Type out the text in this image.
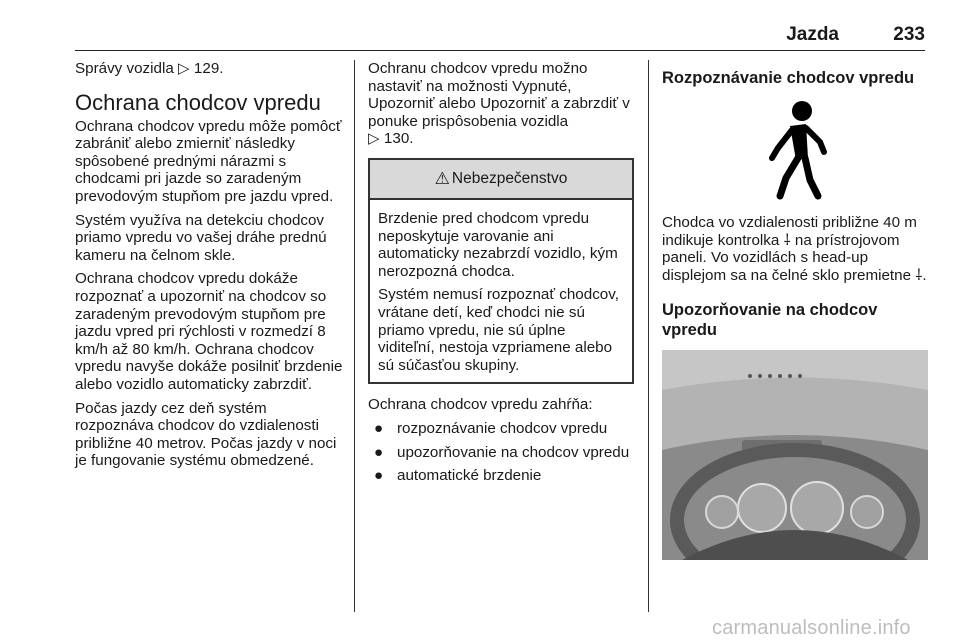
Jazda	233

Správy vozidla ▷ 129.

Ochrana chodcov vpredu

Ochrana chodcov vpredu môže pomôcť zabrániť alebo zmierniť následky spôsobené prednými nárazmi s chodcami pri jazde so zaradeným prevodovým stupňom pre jazdu vpred.

Systém využíva na detekciu chodcov priamo vpredu vo vašej dráhe prednú kameru na čelnom skle.

Ochrana chodcov vpredu dokáže rozpoznať a upozorniť na chodcov so zaradeným prevodovým stupňom pre jazdu vpred pri rýchlosti v rozmedzí 8 km/h až 80 km/h. Ochrana chodcov vpredu navyše dokáže posilniť brzdenie alebo vozidlo automaticky zabrzdiť.

Počas jazdy cez deň systém rozpoznáva chodcov do vzdialenosti približne 40 metrov. Počas jazdy v noci je fungovanie systému obmedzené.

Ochranu chodcov vpredu možno nastaviť na možnosti Vypnuté, Upozorniť alebo Upozorniť a zabrzdiť v ponuke prispôsobenia vozidla
▷ 130.

⚠ Nebezpečenstvo

Brzdenie pred chodcom vpredu neposkytuje varovanie ani automaticky nezabrzdí vozidlo, kým nerozpozná chodca.

Systém nemusí rozpoznať chodcov, vrátane detí, keď chodci nie sú priamo vpredu, nie sú úplne viditeľní, nestoja vzpriamene alebo sú súčasťou skupiny.

Ochrana chodcov vpredu zahŕňa:

● rozpoznávanie chodcov vpredu
● upozorňovanie na chodcov vpredu
● automatické brzdenie
Rozpoznávanie chodcov vpredu

Chodca vo vzdialenosti približne 40 m indikuje kontrolka ⸸ na prístrojovom paneli. Vo vozidlách s head-up displejom sa na čelné sklo premietne ⸸.

Upozorňovanie na chodcov vpredu
carmanualsonline.info
